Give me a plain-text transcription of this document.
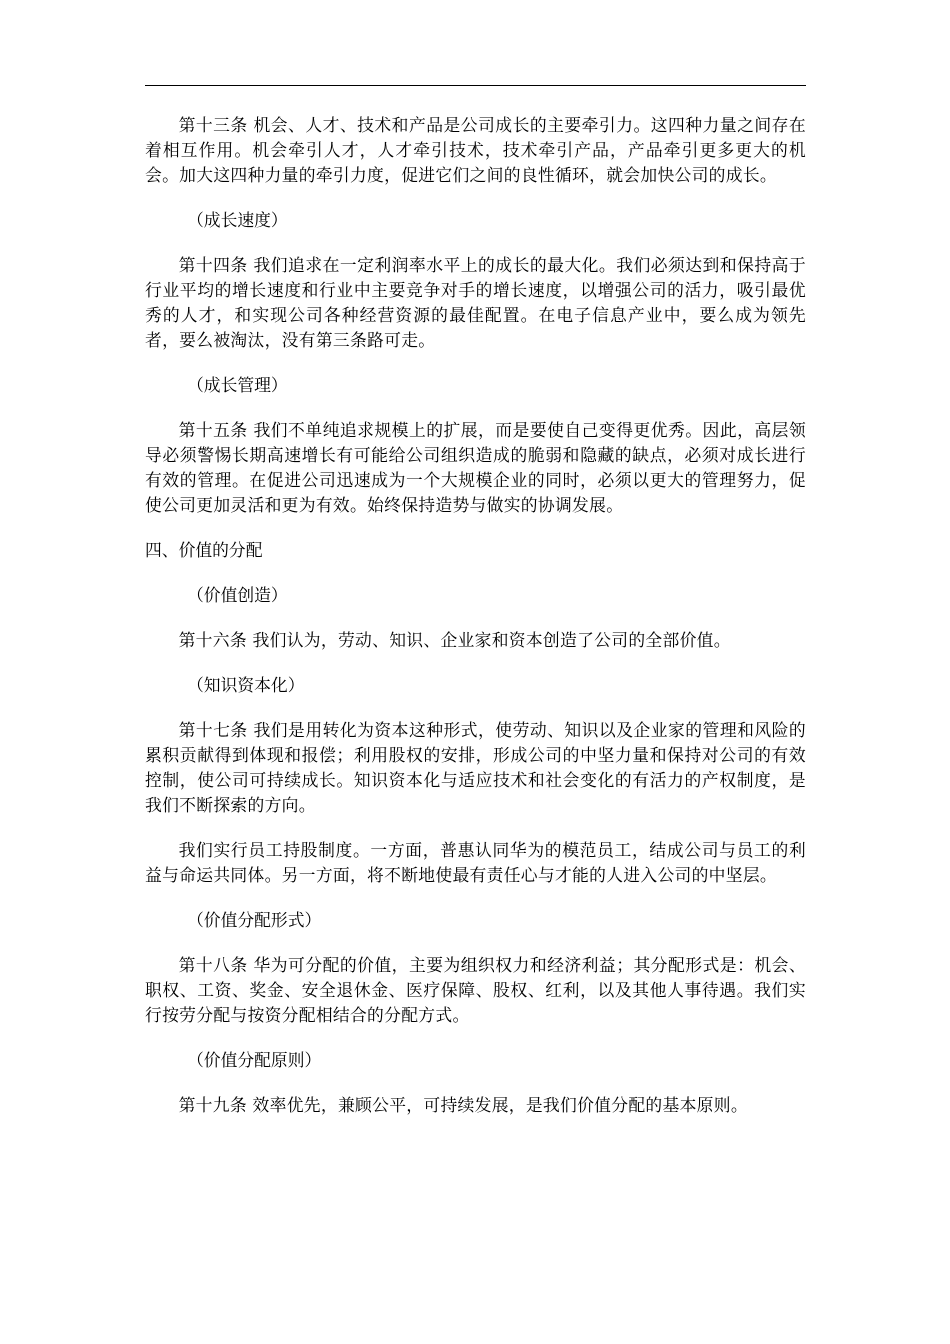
第十三条 机会、人才、技术和产品是公司成长的主要牵引力。这四种力量之间存在着相互作用。机会牵引人才，人才牵引技术，技术牵引产品，产品牵引更多更大的机会。加大这四种力量的牵引力度，促进它们之间的良性循环，就会加快公司的成长。

（成长速度）

第十四条 我们追求在一定利润率水平上的成长的最大化。我们必须达到和保持高于行业平均的增长速度和行业中主要竞争对手的增长速度，以增强公司的活力，吸引最优秀的人才，和实现公司各种经营资源的最佳配置。在电子信息产业中，要么成为领先者，要么被淘汰，没有第三条路可走。

（成长管理）

第十五条 我们不单纯追求规模上的扩展，而是要使自己变得更优秀。因此，高层领导必须警惕长期高速增长有可能给公司组织造成的脆弱和隐藏的缺点，必须对成长进行有效的管理。在促进公司迅速成为一个大规模企业的同时，必须以更大的管理努力，促使公司更加灵活和更为有效。始终保持造势与做实的协调发展。

四、价值的分配

（价值创造）

第十六条 我们认为，劳动、知识、企业家和资本创造了公司的全部价值。

（知识资本化）

第十七条 我们是用转化为资本这种形式，使劳动、知识以及企业家的管理和风险的累积贡献得到体现和报偿；利用股权的安排，形成公司的中坚力量和保持对公司的有效控制，使公司可持续成长。知识资本化与适应技术和社会变化的有活力的产权制度，是我们不断探索的方向。

我们实行员工持股制度。一方面，普惠认同华为的模范员工，结成公司与员工的利益与命运共同体。另一方面，将不断地使最有责任心与才能的人进入公司的中坚层。

（价值分配形式）

第十八条 华为可分配的价值，主要为组织权力和经济利益；其分配形式是：机会、职权、工资、奖金、安全退休金、医疗保障、股权、红利，以及其他人事待遇。我们实行按劳分配与按资分配相结合的分配方式。

（价值分配原则）

第十九条 效率优先，兼顾公平，可持续发展，是我们价值分配的基本原则。
